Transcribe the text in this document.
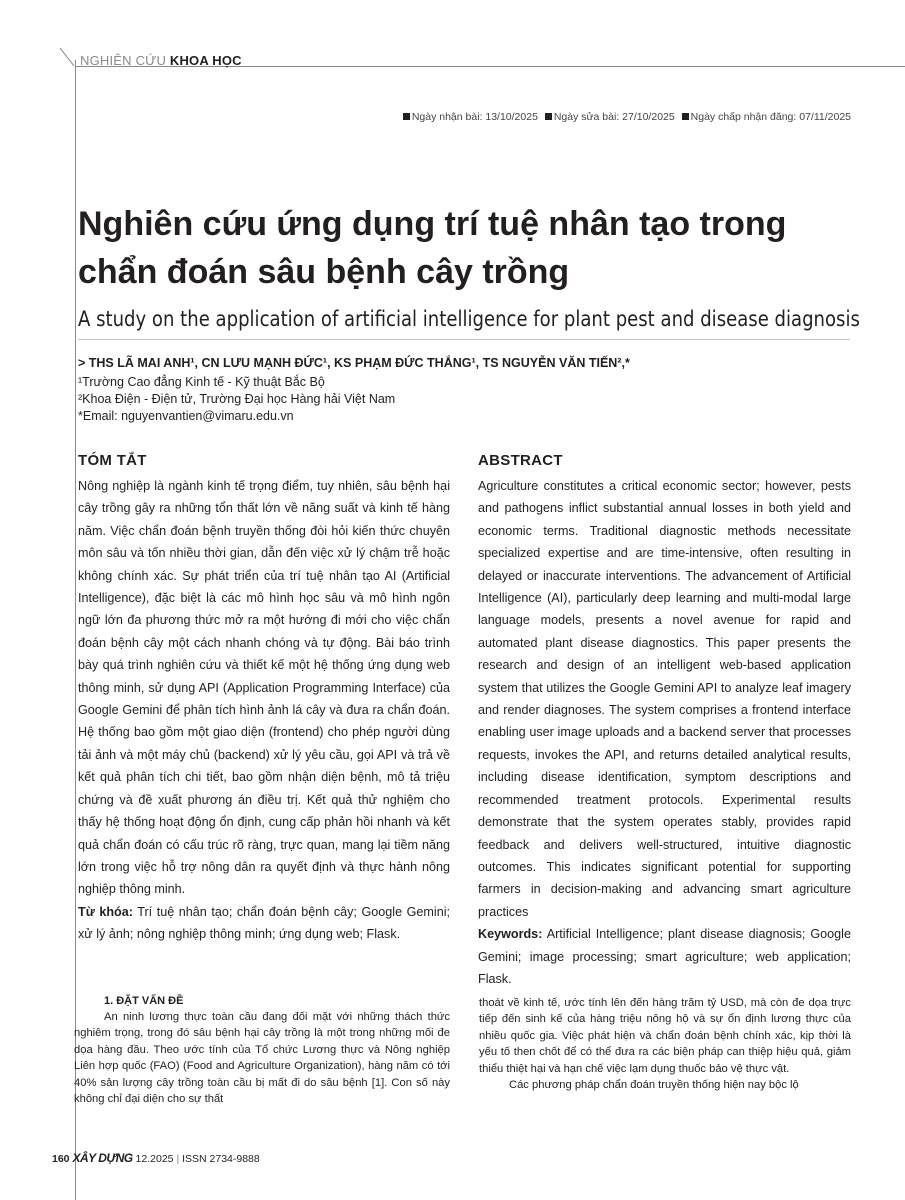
NGHIÊN CỨU KHOA HỌC
Ngày nhận bài: 13/10/2025 Ngày sửa bài: 27/10/2025 Ngày chấp nhận đăng: 07/11/2025
Nghiên cứu ứng dụng trí tuệ nhân tạo trong
chẩn đoán sâu bệnh cây trồng
A study on the application of artificial intelligence for plant pest and disease diagnosis
> THS LÃ MAI ANH¹, CN LƯU MẠNH ĐỨC¹, KS PHẠM ĐỨC THẮNG¹, TS NGUYỄN VĂN TIẾN²,*
¹Trường Cao đẳng Kinh tế - Kỹ thuật Bắc Bộ
²Khoa Điện - Điện tử, Trường Đại học Hàng hải Việt Nam
*Email: nguyenvantien@vimaru.edu.vn
TÓM TẮT

Nông nghiệp là ngành kinh tế trọng điểm, tuy nhiên, sâu bệnh hại cây trồng gây ra những tổn thất lớn về năng suất và kinh tế hàng năm. Việc chẩn đoán bệnh truyền thống đòi hỏi kiến thức chuyên môn sâu và tốn nhiều thời gian, dẫn đến việc xử lý chậm trễ hoặc không chính xác. Sự phát triển của trí tuệ nhân tạo AI (Artificial Intelligence), đặc biệt là các mô hình học sâu và mô hình ngôn ngữ lớn đa phương thức mở ra một hướng đi mới cho việc chẩn đoán bệnh cây một cách nhanh chóng và tự động. Bài báo trình bày quá trình nghiên cứu và thiết kế một hệ thống ứng dụng web thông minh, sử dụng API (Application Programming Interface) của Google Gemini để phân tích hình ảnh lá cây và đưa ra chẩn đoán. Hệ thống bao gồm một giao diện (frontend) cho phép người dùng tải ảnh và một máy chủ (backend) xử lý yêu cầu, gọi API và trả về kết quả phân tích chi tiết, bao gồm nhận diện bệnh, mô tả triệu chứng và đề xuất phương án điều trị. Kết quả thử nghiệm cho thấy hệ thống hoạt động ổn định, cung cấp phản hồi nhanh và kết quả chẩn đoán có cấu trúc rõ ràng, trực quan, mang lại tiềm năng lớn trong việc hỗ trợ nông dân ra quyết định và thực hành nông nghiệp thông minh.

Từ khóa: Trí tuệ nhân tạo; chẩn đoán bệnh cây; Google Gemini; xử lý ảnh; nông nghiệp thông minh; ứng dụng web; Flask.

ABSTRACT

Agriculture constitutes a critical economic sector; however, pests and pathogens inflict substantial annual losses in both yield and economic terms. Traditional diagnostic methods necessitate specialized expertise and are time-intensive, often resulting in delayed or inaccurate interventions. The advancement of Artificial Intelligence (AI), particularly deep learning and multi-modal large language models, presents a novel avenue for rapid and automated plant disease diagnostics. This paper presents the research and design of an intelligent web-based application system that utilizes the Google Gemini API to analyze leaf imagery and render diagnoses. The system comprises a frontend interface enabling user image uploads and a backend server that processes requests, invokes the API, and returns detailed analytical results, including disease identification, symptom descriptions and recommended treatment protocols. Experimental results demonstrate that the system operates stably, provides rapid feedback and delivers well-structured, intuitive diagnostic outcomes. This indicates significant potential for supporting farmers in decision-making and advancing smart agriculture practices

Keywords: Artificial Intelligence; plant disease diagnosis; Google Gemini; image processing; smart agriculture; web application; Flask.

1. ĐẶT VẤN ĐỀ

An ninh lương thực toàn cầu đang đối mặt với những thách thức nghiêm trọng, trong đó sâu bệnh hại cây trồng là một trong những mối đe dọa hàng đầu. Theo ước tính của Tổ chức Lương thực và Nông nghiệp Liên hợp quốc (FAO) (Food and Agriculture Organization), hàng năm có tới 40% sản lượng cây trồng toàn cầu bị mất đi do sâu bệnh [1]. Con số này không chỉ đại diện cho sự thất

thoát về kinh tế, ước tính lên đến hàng trăm tỷ USD, mà còn đe dọa trực tiếp đến sinh kế của hàng triệu nông hộ và sự ổn định lương thực của nhiều quốc gia. Việc phát hiện và chẩn đoán bệnh chính xác, kịp thời là yếu tố then chốt để có thể đưa ra các biện pháp can thiệp hiệu quả, giảm thiểu thiệt hại và hạn chế việc lạm dụng thuốc bảo vệ thực vật.

Các phương pháp chẩn đoán truyền thống hiện nay bộc lộ

160 XÂY DỰNG 12.2025 | ISSN 2734-9888
